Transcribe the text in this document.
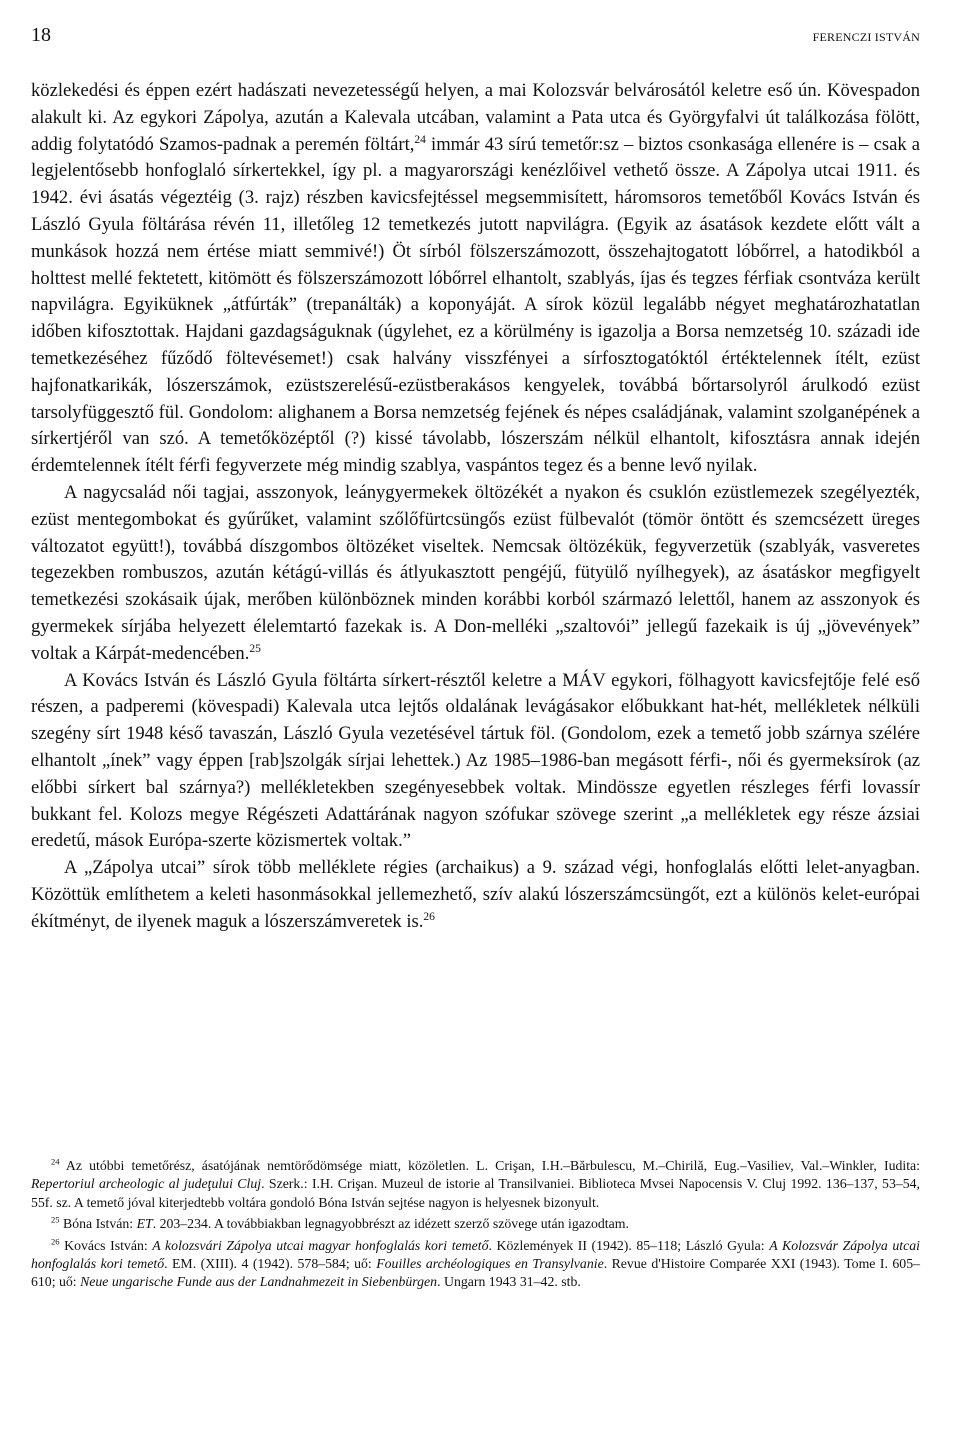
18	FERENCZI ISTVÁN

közlekedési és éppen ezért hadászati nevezetességű helyen, a mai Kolozsvár belvárosától keletre eső ún. Kövespadon alakult ki. Az egykori Zápolya, azután a Kalevala utcában, valamint a Pata utca és Györgyfalvi út találkozása fölött, addig folytatódó Szamos-padnak a peremén föltárt,$^{24}$ immár 43 sírú temetőr:sz – biztos csonkasága ellenére is – csak a legjelentősebb honfoglaló sírkertekkel, így pl. a magyarországi kenézlőivel vethető össze. A Zápolya utcai 1911. és 1942. évi ásatás végeztéig (3. rajz) részben kavicsfejtéssel megsemmisített, háromsoros temetőből Kovács István és László Gyula föltárása révén 11, illetőleg 12 temetkezés jutott napvilágra. (Egyik az ásatások kezdete előtt vált a munkások hozzá nem értése miatt semmivé!) Öt sírból fölszerszámozott, összehajtogatott lóbőrrel, a hatodikból a holttest mellé fektetett, kitömött és fölszerszámozott lóbőrrel elhantolt, szablyás, íjas és tegzes férfiak csontváza került napvilágra. Egyiküknek „átfúrták” (trepanálták) a koponyáját. A sírok közül legalább négyet meghatározhatatlan időben kifosztottak. Hajdani gazdagságuknak (úgylehet, ez a körülmény is igazolja a Borsa nemzetség 10. századi ide temetkezéséhez fűződő föltevésemet!) csak halvány visszfényei a sírfosztogatóktól értéktelennek ítélt, ezüst hajfonatkarikák, lószerszámok, ezüstszerelésű-ezüstberakásos kengyelek, továbbá bőrtarsolyról árulkodó ezüst tarsolyfüggesztő fül. Gondolom: alighanem a Borsa nemzetség fejének és népes családjának, valamint szolganépének a sírkertjéről van szó. A temetőközéptől (?) kissé távolabb, lószerszám nélkül elhantolt, kifosztásra annak idején érdemtelennek ítélt férfi fegyverzete még mindig szablya, vaspántos tegez és a benne levő nyilak.

A nagycsalád női tagjai, asszonyok, leánygyermekek öltözékét a nyakon és csuklón ezüstlemezek szegélyezték, ezüst mentegombokat és gyűrűket, valamint szőlőfürtcsüngős ezüst fülbevalót (tömör öntött és szemcsézett üreges változatot együtt!), továbbá díszgombos öltözéket viseltek. Nemcsak öltözékük, fegyverzetük (szablyák, vasveretes tegezekben rombuszos, azután kétágú-villás és átlyukasztott pengéjű, fütyülő nyílhegyek), az ásatáskor megfigyelt temetkezési szokásaik újak, merőben különböznek minden korábbi korból származó lelettől, hanem az asszonyok és gyermekek sírjába helyezett élelemtartó fazekak is. A Don-melléki „szaltovói” jellegű fazekaik is új „jövevények” voltak a Kárpát-medencében.$^{25}$

A Kovács István és László Gyula föltárta sírkert-résztől keletre a MÁV egykori, fölhagyott kavicsfejtője felé eső részen, a padperemi (kövespadi) Kalevala utca lejtős oldalának levágásakor előbukkant hat-hét, mellékletek nélküli szegény sírt 1948 késő tavaszán, László Gyula vezetésével tártuk föl. (Gondolom, ezek a temető jobb szárnya szélére elhantolt „ínek” vagy éppen [rab]szolgák sírjai lehettek.) Az 1985–1986-ban megásott férfi-, női és gyermeksírok (az előbbi sírkert bal szárnya?) mellékletekben szegényesebbek voltak. Mindössze egyetlen részleges férfi lovassír bukkant fel. Kolozs megye Régészeti Adattárának nagyon szófukar szövege szerint „a mellékletek egy része ázsiai eredetű, mások Európa-szerte közismertek voltak.”

A „Zápolya utcai” sírok több melléklete régies (archaikus) a 9. század végi, honfoglalás előtti lelet-anyagban. Közöttük említhetem a keleti hasonmásokkal jellemezhető, szív alakú lószerszámcsüngőt, ezt a különös kelet-európai ékítményt, de ilyenek maguk a lószerszámveretek is.$^{26}$

$^{24}$ Az utóbbi temetőrész, ásatójának nemtörődömsége miatt, közöletlen. L. Crişan, I.H.–Bărbulescu, M.–Chirilă, Eug.–Vasiliev, Val.–Winkler, Iudita: Repertoriul archeologic al judeţului Cluj. Szerk.: I.H. Crişan. Muzeul de istorie al Transilvaniei. Biblioteca Mvsei Napocensis V. Cluj 1992. 136–137, 53–54, 55f. sz. A temető jóval kiterjedtebb voltára gondoló Bóna István sejtése nagyon is helyesnek bizonyult.

$^{25}$ Bóna István: ET. 203–234. A továbbiakban legnagyobbrészt az idézett szerző szövege után igazodtam.

$^{26}$ Kovács István: A kolozsvári Zápolya utcai magyar honfoglalás kori temető. Közlemények II (1942). 85–118; László Gyula: A Kolozsvár Zápolya utcai honfoglalás kori temető. EM. (XIII). 4 (1942). 578–584; uő: Fouilles archéologiques en Transylvanie. Revue d'Histoire Comparée XXI (1943). Tome I. 605–610; uő: Neue ungarische Funde aus der Landnahmezeit in Siebenbürgen. Ungarn 1943 31–42. stb.
